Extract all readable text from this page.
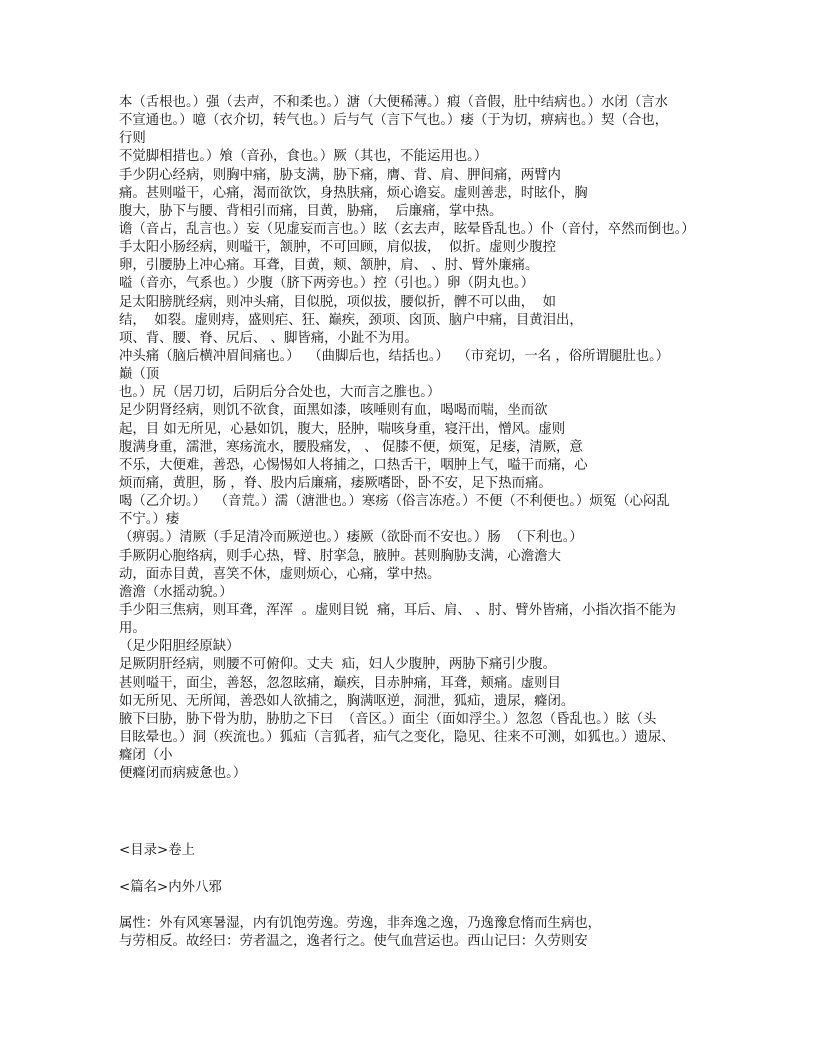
本（舌根也。）强（去声，不和柔也。）溏（大便稀薄。）瘕（音假，肚中结病也。）水闭（言水
不宣通也。）噫（衣介切，转气也。）后与气（言下气也。）痿（于为切，痹病也。）契（合也，
行则
不觉脚相措也。）飧（音孙，食也。）厥（其也，不能运用也。）
手少阴心经病，则胸中痛，胁支满，胁下痛，膺、背、肩、胛间痛，两臂内
痛。甚则嗌干，心痛，渴而欲饮，身热肤痛，烦心谵妄。虚则善悲，时眩仆，胸
腹大，胁下与腰、背相引而痛，目黄，胁痛，  后廉痛，掌中热。
谵（音占，乱言也。）妄（见虚妄而言也。）眩（玄去声，眩晕昏乱也。）仆（音付，卒然而倒也。）
手太阳小肠经病，则嗌干，颔肿，不可回顾，肩似拔，  似折。虚则少腹控
卵，引腰胁上冲心痛。耳聋，目黄，颊、颔肿，肩、 、肘、臂外廉痛。
嗌（音亦，气系也。）少腹（脐下两旁也。）控（引也。）卵（阴丸也。）
足太阳膀胱经病，则冲头痛，目似脱，项似拔，腰似折，髀不可以曲，  如
结，  如裂。虚则痔，盛则疟、狂、巅疾，颈项、囟顶、脑户中痛，目黄泪出，
项、背、腰、脊、尻后、 、脚皆痛，小趾不为用。
冲头痛（脑后横冲眉间痛也。）  （曲脚后也，结括也。）  （市兖切，一名 ，俗所谓腿肚也。）
巅（顶
也。）尻（居刀切，后阴后分合处也，大而言之脽也。）
足少阴肾经病，则饥不欲食，面黑如漆，咳唾则有血，喝喝而喘，坐而欲
起，目 如无所见，心悬如饥，腹大，胫肿，喘咳身重，寝汗出，憎风。虚则
腹满身重，濡泄，寒疡流水，腰股痛发， 、 促膝不便，烦冤，足痿，清厥，意
不乐，大便难，善恐，心惕惕如人将捕之，口热舌干，咽肿上气，嗌干而痛，心
烦而痛，黄胆，肠 ，脊、股内后廉痛，痿厥嗜卧，卧不安，足下热而痛。
喝（乙介切。）  （音荒。）濡（溏泄也。）寒疡（俗言冻疮。）不便（不利便也。）烦冤（心闷乱
不宁。）痿
（痹弱。）清厥（手足清冷而厥逆也。）痿厥（欲卧而不安也。）肠  （下利也。）
手厥阴心胞络病，则手心热，臂、肘挛急，腋肿。甚则胸胁支满，心澹澹大
动，面赤目黄，喜笑不休，虚则烦心，心痛，掌中热。
澹澹（水摇动貌。）
手少阳三焦病，则耳聋，浑浑  。虚则目锐  痛，耳后、肩、 、肘、臂外皆痛，小指次指不能为
用。
（足少阳胆经原缺）
足厥阴肝经病，则腰不可俯仰。丈夫  疝，妇人少腹肿，两胁下痛引少腹。
甚则嗌干，面尘，善怒，忽忽眩痛，巅疾，目赤肿痛，耳聋，颊痛。虚则目
如无所见、无所闻，善恐如人欲捕之，胸满呕逆，洞泄，狐疝，遗尿，癃闭。
腋下曰胁，胁下骨为肋，胁肋之下曰  （音区。）面尘（面如浮尘。）忽忽（昏乱也。）眩（头
目眩晕也。）洞（疾流也。）狐疝（言狐者，疝气之变化，隐见、往来不可测，如狐也。）遗尿、
癃闭（小
便癃闭而病疲惫也。）
<目录>卷上
<篇名>内外八邪
属性：外有风寒暑湿，内有饥饱劳逸。劳逸，非奔逸之逸，乃逸豫怠惰而生病也，
与劳相反。故经曰：劳者温之，逸者行之。使气血营运也。西山记曰：久劳则安
